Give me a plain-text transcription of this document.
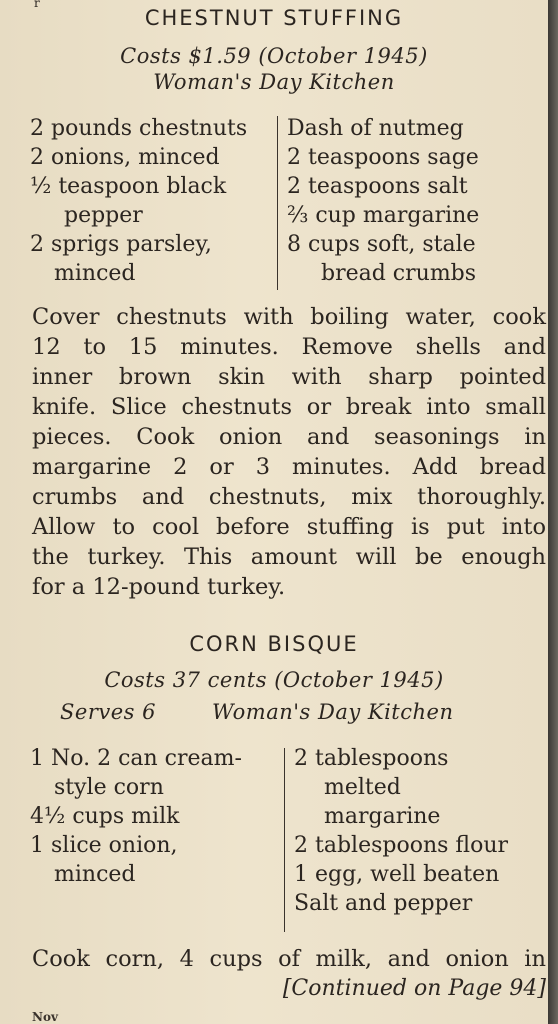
r
CHESTNUT STUFFING
Costs $1.59 (October 1945)
Woman's Day Kitchen
2 pounds chestnuts
2 onions, minced
½ teaspoon black
pepper
2 sprigs parsley,
minced
Dash of nutmeg
2 teaspoons sage
2 teaspoons salt
⅔ cup margarine
8 cups soft, stale
bread crumbs
Cover chestnuts with boiling water, cook
12 to 15 minutes. Remove shells and
inner brown skin with sharp pointed
knife. Slice chestnuts or break into small
pieces. Cook onion and seasonings in
margarine 2 or 3 minutes. Add bread
crumbs and chestnuts, mix thoroughly.
Allow to cool before stuffing is put into
the turkey. This amount will be enough
for a 12-pound turkey.
CORN BISQUE
Costs 37 cents (October 1945)
Serves 6	Woman's Day Kitchen
1 No. 2 can cream-
style corn
4½ cups milk
1 slice onion,
minced
2 tablespoons
melted
margarine
2 tablespoons flour
1 egg, well beaten
Salt and pepper
Cook corn, 4 cups of milk, and onion in
[Continued on Page 94]
Nov
